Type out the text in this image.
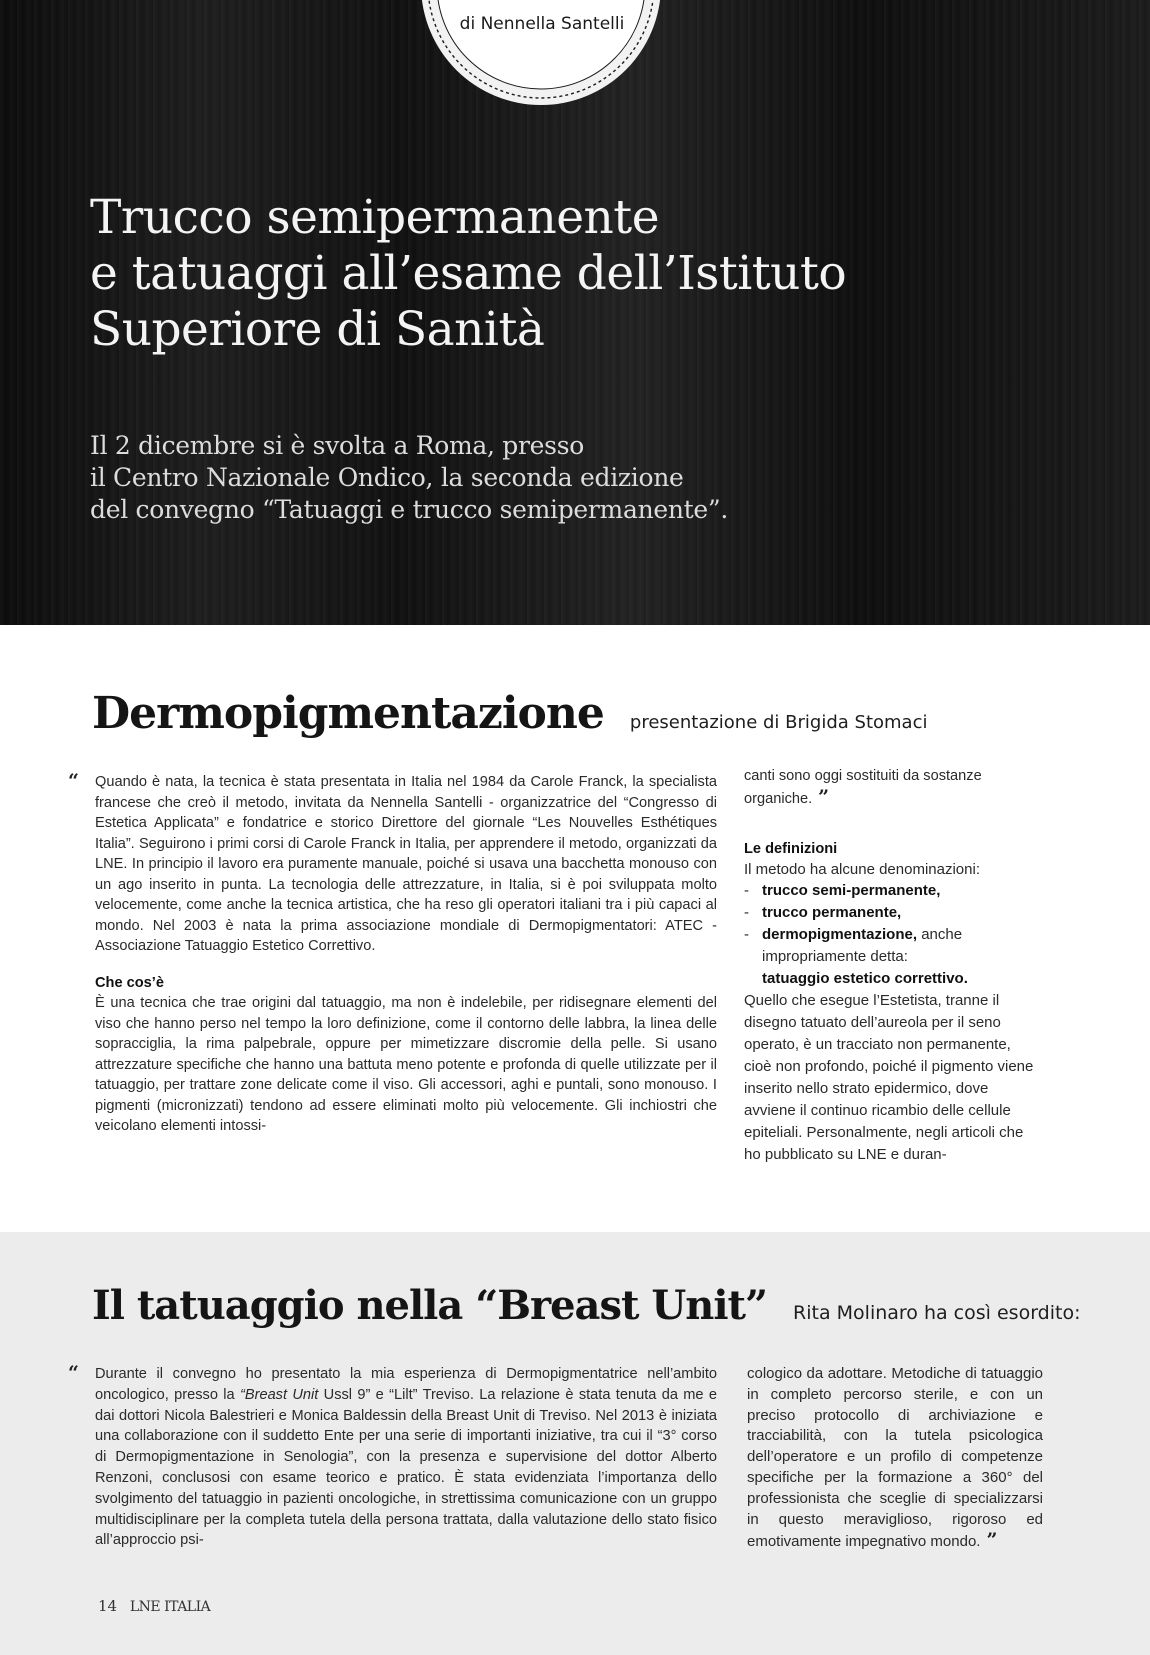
di Nennella Santelli
Trucco semipermanente
e tatuaggi all’esame dell’Istituto
Superiore di Sanità

Il 2 dicembre si è svolta a Roma, presso
il Centro Nazionale Ondico, la seconda edizione
del convegno “Tatuaggi e trucco semipermanente”.

Dermopigmentazione presentazione di Brigida Stomaci
“ Quando è nata, la tecnica è stata presentata in Italia nel 1984 da Carole Franck, la specialista francese che creò il metodo, invitata da Nennella Santelli - organizzatrice del “Congresso di Estetica Applicata” e fondatrice e storico Direttore del giornale “Les Nouvelles Esthétiques Italia”. Seguirono i primi corsi di Carole Franck in Italia, per apprendere il metodo, organizzati da LNE. In principio il lavoro era puramente manuale, poiché si usava una bacchetta monouso con un ago inserito in punta. La tecnologia delle attrezzature, in Italia, si è poi sviluppata molto velocemente, come anche la tecnica artistica, che ha reso gli operatori italiani tra i più capaci al mondo. Nel 2003 è nata la prima associazione mondiale di Dermopigmentatori: ATEC - Associazione Tatuaggio Estetico Correttivo.

Che cos’è

È una tecnica che trae origini dal tatuaggio, ma non è indelebile, per ridisegnare elementi del viso che hanno perso nel tempo la loro definizione, come il contorno delle labbra, la linea delle sopracciglia, la rima palpebrale, oppure per mimetizzare discromie della pelle. Si usano attrezzature specifiche che hanno una battuta meno potente e profonda di quelle utilizzate per il tatuaggio, per trattare zone delicate come il viso. Gli accessori, aghi e puntali, sono monouso. I pigmenti (micronizzati) tendono ad essere eliminati molto più velocemente. Gli inchiostri che veicolano elementi intossi-

canti sono oggi sostituiti da sostanze organiche. ”

Le definizioni

Il metodo ha alcune denominazioni:

- trucco semi-permanente,
- trucco permanente,
- dermopigmentazione, anche impropriamente detta:

tatuaggio estetico correttivo.

Quello che esegue l’Estetista, tranne il disegno tatuato dell’aureola per il seno operato, è un tracciato non permanente, cioè non profondo, poiché il pigmento viene inserito nello strato epidermico, dove avviene il continuo ricambio delle cellule epiteliali. Personalmente, negli articoli che ho pubblicato su LNE e duran-

Il tatuaggio nella “Breast Unit” Rita Molinaro ha così esordito:
“ Durante il convegno ho presentato la mia esperienza di Dermopigmentatrice nell’ambito oncologico, presso la “Breast Unit Ussl 9” e “Lilt” Treviso. La relazione è stata tenuta da me e dai dottori Nicola Balestrieri e Monica Baldessin della Breast Unit di Treviso. Nel 2013 è iniziata una collaborazione con il suddetto Ente per una serie di importanti iniziative, tra cui il “3° corso di Dermopigmentazione in Senologia”, con la presenza e supervisione del dottor Alberto Renzoni, conclusosi con esame teorico e pratico. È stata evidenziata l’importanza dello svolgimento del tatuaggio in pazienti oncologiche, in strettissima comunicazione con un gruppo multidisciplinare per la completa tutela della persona trattata, dalla valutazione dello stato fisico all’approccio psi-

cologico da adottare. Metodiche di tatuaggio in completo percorso sterile, e con un preciso protocollo di archiviazione e tracciabilità, con la tutela psicologica dell’operatore e un profilo di competenze specifiche per la formazione a 360° del professionista che sceglie di specializzarsi in questo meraviglioso, rigoroso ed emotivamente impegnativo mondo. ”

14 LNE ITALIA
